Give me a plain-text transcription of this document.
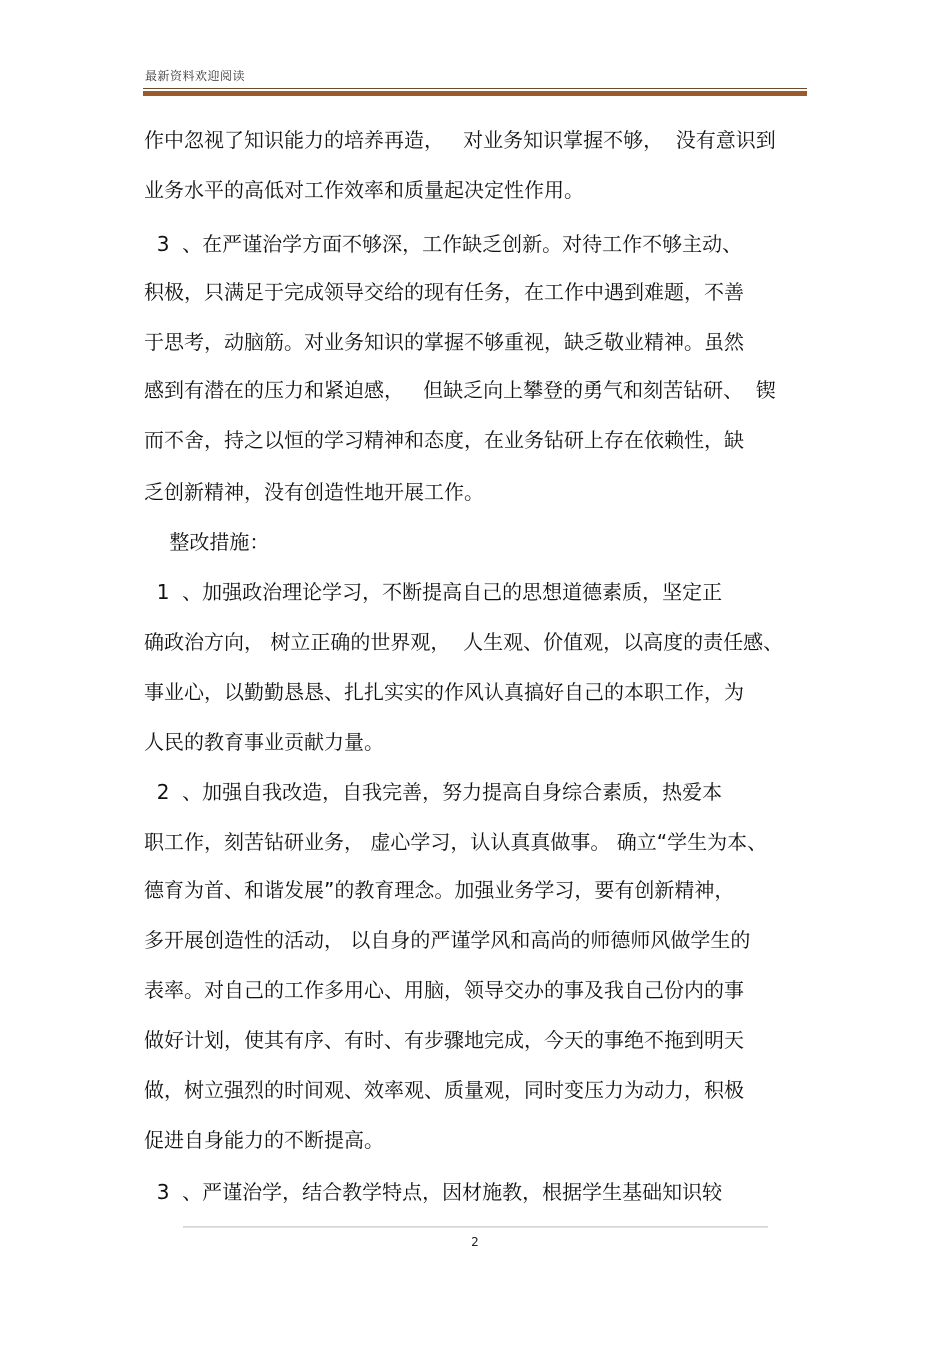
最新资料欢迎阅读
作中忽视了知识能力的培养再造，   对业务知识掌握不够，  没有意识到
业务水平的高低对工作效率和质量起决定性作用。
3  、在严谨治学方面不够深，工作缺乏创新。对待工作不够主动、
积极，只满足于完成领导交给的现有任务，在工作中遇到难题，不善
于思考，动脑筋。对业务知识的掌握不够重视，缺乏敬业精神。虽然
感到有潜在的压力和紧迫感，   但缺乏向上攀登的勇气和刻苦钻研、  锲
而不舍，持之以恒的学习精神和态度，在业务钻研上存在依赖性，缺
乏创新精神，没有创造性地开展工作。
整改措施：
1  、加强政治理论学习，不断提高自己的思想道德素质，坚定正
确政治方向， 树立正确的世界观，  人生观、价值观，以高度的责任感、
事业心，以勤勤恳恳、扎扎实实的作风认真搞好自己的本职工作，为
人民的教育事业贡献力量。
2  、加强自我改造，自我完善，努力提高自身综合素质，热爱本
职工作，刻苦钻研业务， 虚心学习，认认真真做事。 确立“学生为本、
德育为首、和谐发展”的教育理念。加强业务学习，要有创新精神，
多开展创造性的活动， 以自身的严谨学风和高尚的师德师风做学生的
表率。对自己的工作多用心、用脑，领导交办的事及我自己份内的事
做好计划，使其有序、有时、有步骤地完成，今天的事绝不拖到明天
做，树立强烈的时间观、效率观、质量观，同时变压力为动力，积极
促进自身能力的不断提高。
3  、严谨治学，结合教学特点，因材施教，根据学生基础知识较
2
